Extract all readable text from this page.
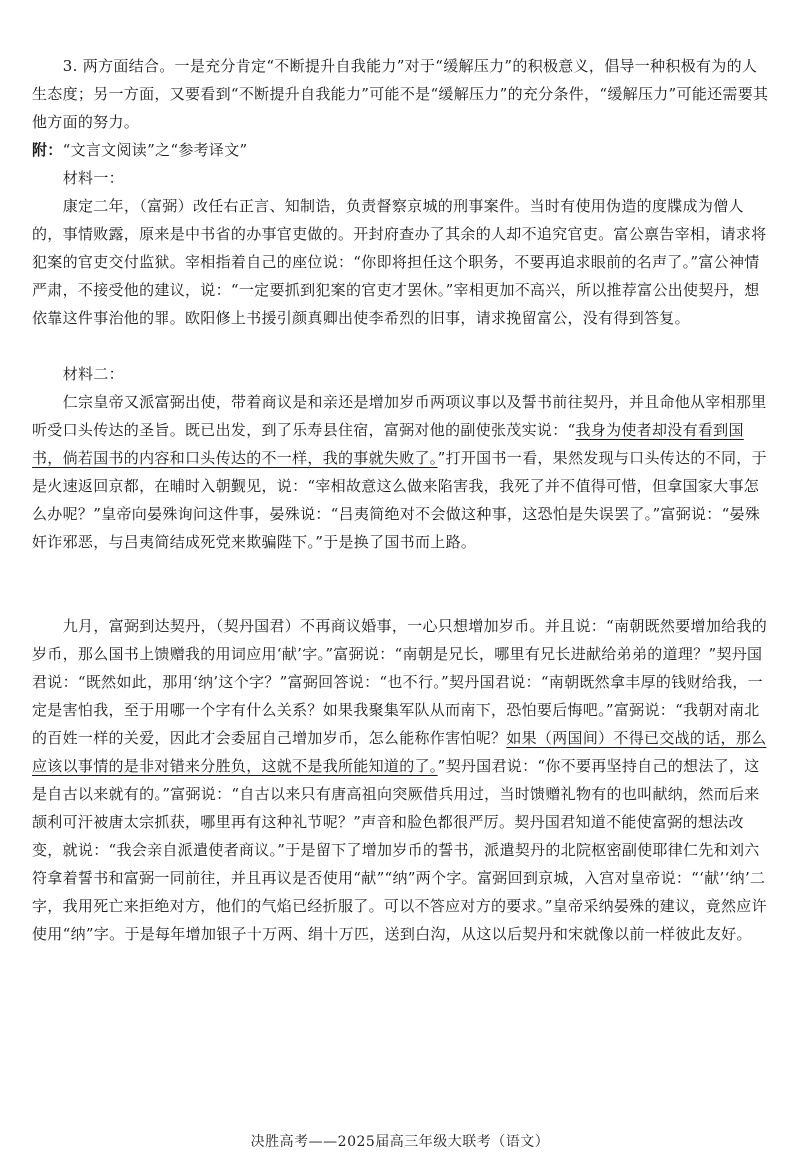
3. 两方面结合。一是充分肯定“不断提升自我能力”对于“缓解压力”的积极意义，倡导一种积极有为的人生态度；另一方面，又要看到“不断提升自我能力”可能不是“缓解压力”的充分条件，“缓解压力”可能还需要其他方面的努力。
附：“文言文阅读”之“参考译文”
材料一：
康定二年，（富弼）改任右正言、知制诰，负责督察京城的刑事案件。当时有使用伪造的度牒成为僧人的，事情败露，原来是中书省的办事官吏做的。开封府查办了其余的人却不追究官吏。富公禀告宰相，请求将犯案的官吏交付监狱。宰相指着自己的座位说：“你即将担任这个职务，不要再追求眼前的名声了。”富公神情严肃，不接受他的建议，说：“一定要抓到犯案的官吏才罢休。”宰相更加不高兴，所以推荐富公出使契丹，想依靠这件事治他的罪。欧阳修上书援引颜真卿出使李希烈的旧事，请求挽留富公，没有得到答复。
材料二：
仁宗皇帝又派富弼出使，带着商议是和亲还是增加岁币两项议事以及誓书前往契丹，并且命他从宰相那里听受口头传达的圣旨。既已出发，到了乐寿县住宿，富弼对他的副使张茂实说：“我身为使者却没有看到国书，倘若国书的内容和口头传达的不一样，我的事就失败了。”打开国书一看，果然发现与口头传达的不同，于是火速返回京都，在晡时入朝觐见，说：“宰相故意这么做来陷害我，我死了并不值得可惜，但拿国家大事怎么办呢？”皇帝向晏殊询问这件事，晏殊说：“吕夷简绝对不会做这种事，这恐怕是失误罢了。”富弼说：“晏殊奸诈邪恶，与吕夷简结成死党来欺骗陛下。”于是换了国书而上路。
九月，富弼到达契丹，（契丹国君）不再商议婚事，一心只想增加岁币。并且说：“南朝既然要增加给我的岁币，那么国书上馈赠我的用词应用‘献’字。”富弼说：“南朝是兄长，哪里有兄长进献给弟弟的道理？”契丹国君说：“既然如此，那用‘纳’这个字？”富弼回答说：“也不行。”契丹国君说：“南朝既然拿丰厚的钱财给我，一定是害怕我，至于用哪一个字有什么关系？如果我聚集军队从而南下，恐怕要后悔吧。”富弼说：“我朝对南北的百姓一样的关爱，因此才会委屈自己增加岁币，怎么能称作害怕呢？如果（两国间）不得已交战的话，那么应该以事情的是非对错来分胜负，这就不是我所能知道的了。”契丹国君说：“你不要再坚持自己的想法了，这是自古以来就有的。”富弼说：“自古以来只有唐高祖向突厥借兵用过，当时馈赠礼物有的也叫献纳，然而后来颉利可汗被唐太宗抓获，哪里再有这种礼节呢？”声音和脸色都很严厉。契丹国君知道不能使富弼的想法改变，就说：“我会亲自派遣使者商议。”于是留下了增加岁币的誓书，派遣契丹的北院枢密副使耶律仁先和刘六符拿着誓书和富弼一同前往，并且再议是否使用“献”“纳”两个字。富弼回到京城，入宫对皇帝说：“‘献’‘纳’二字，我用死亡来拒绝对方，他们的气焰已经折服了。可以不答应对方的要求。”皇帝采纳晏殊的建议，竟然应许使用“纳”字。于是每年增加银子十万两、绢十万匹，送到白沟，从这以后契丹和宋就像以前一样彼此友好。
决胜高考——2025届高三年级大联考（语文）
